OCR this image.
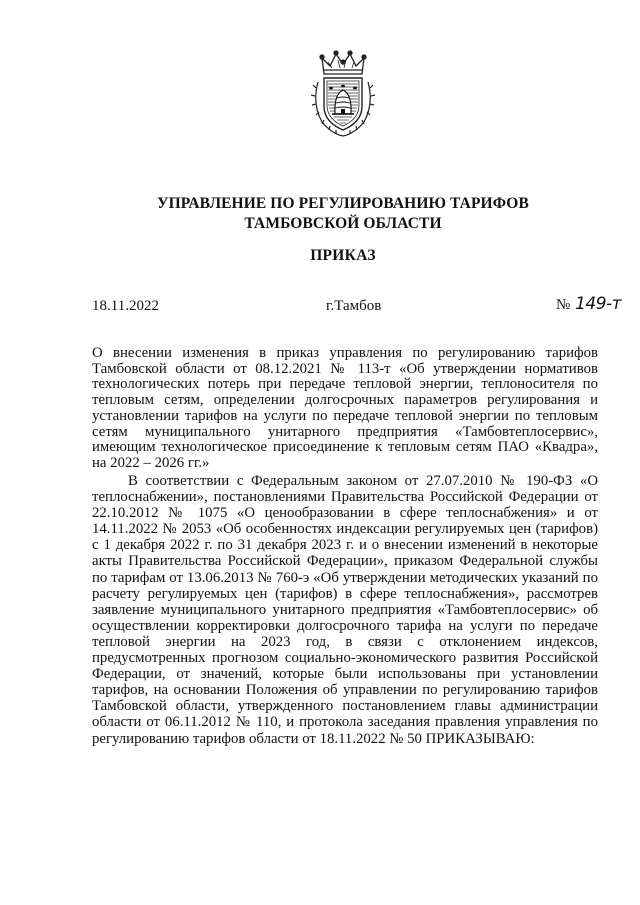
УПРАВЛЕНИЕ ПО РЕГУЛИРОВАНИЮ ТАРИФОВ
ТАМБОВСКОЙ ОБЛАСТИ
ПРИКАЗ
18.11.2022	г.Тамбов	№ 149-т
О внесении изменения в приказ управления по регулированию тарифов Тамбовской области от 08.12.2021 № 113-т «Об утверждении нормативов технологических потерь при передаче тепловой энергии, теплоносителя по тепловым сетям, определении долгосрочных параметров регулирования и установлении тарифов на услуги по передаче тепловой энергии по тепловым сетям муниципального унитарного предприятия «Тамбовтеплосервис», имеющим технологическое присоединение к тепловым сетям ПАО «Квадра», на 2022 – 2026 гг.»
В соответствии с Федеральным законом от 27.07.2010 № 190-ФЗ «О теплоснабжении», постановлениями Правительства Российской Федерации от 22.10.2012 № 1075 «О ценообразовании в сфере теплоснабжения» и от 14.11.2022 № 2053 «Об особенностях индексации регулируемых цен (тарифов) с 1 декабря 2022 г. по 31 декабря 2023 г. и о внесении изменений в некоторые акты Правительства Российской Федерации», приказом Федеральной службы по тарифам от 13.06.2013 № 760-э «Об утверждении методических указаний по расчету регулируемых цен (тарифов) в сфере теплоснабжения», рассмотрев заявление муниципального унитарного предприятия «Тамбовтеплосервис» об осуществлении корректировки долгосрочного тарифа на услуги по передаче тепловой энергии на 2023 год, в связи с отклонением индексов, предусмотренных прогнозом социально-экономического развития Российской Федерации, от значений, которые были использованы при установлении тарифов, на основании Положения об управлении по регулированию тарифов Тамбовской области, утвержденного постановлением главы администрации области от 06.11.2012 № 110, и протокола заседания правления управления по регулированию тарифов области от 18.11.2022 № 50 ПРИКАЗЫВАЮ:
